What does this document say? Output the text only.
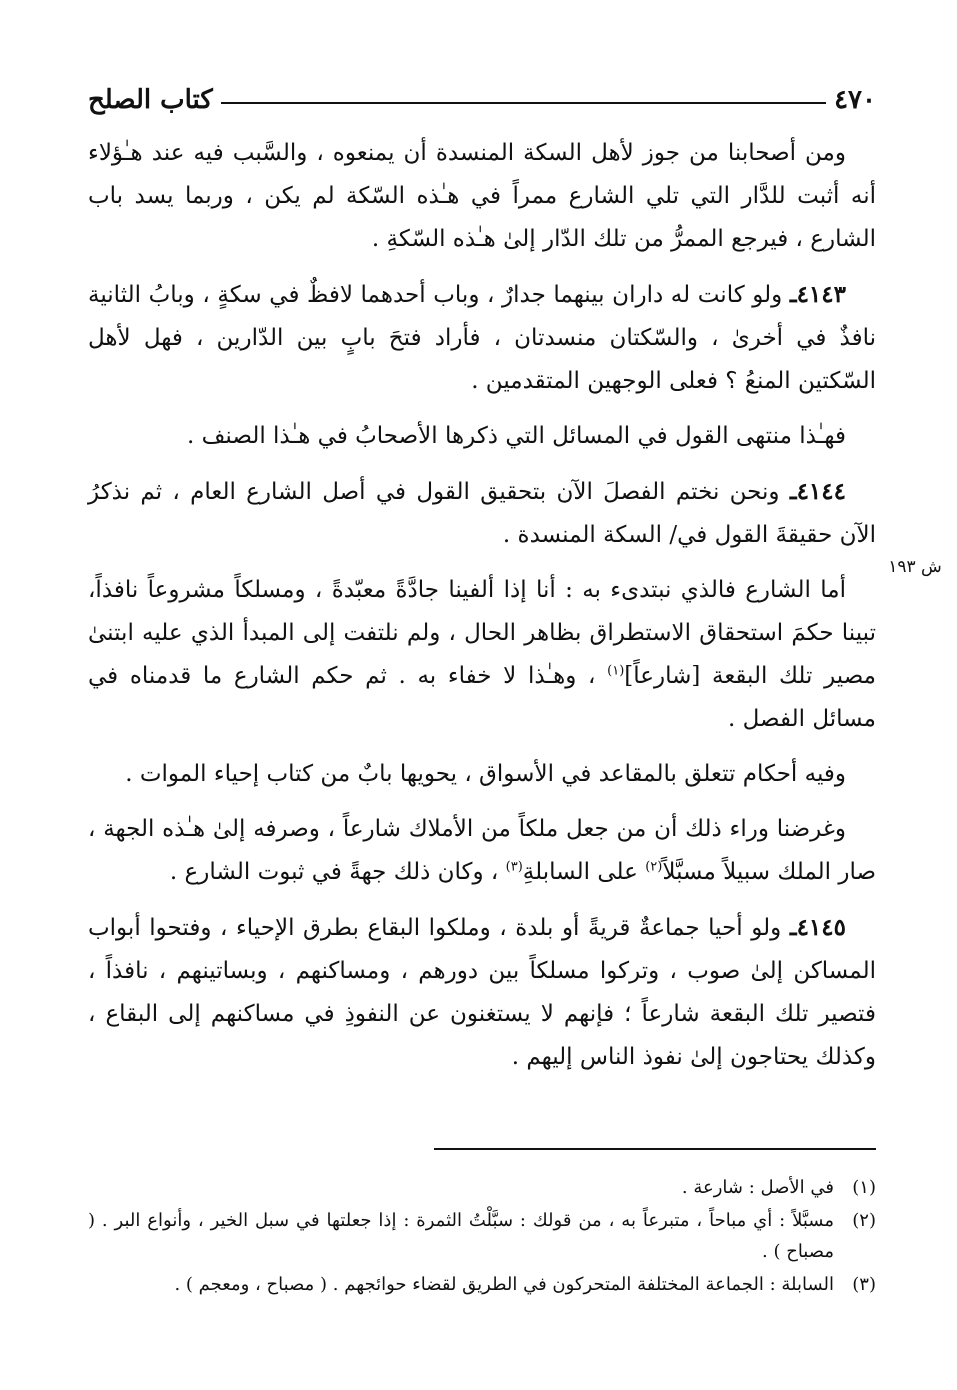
٤٧٠
كتاب الصلح

ومن أصحابنا من جوز لأهل السكة المنسدة أن يمنعوه ، والسَّبب فيه عند هـٰؤلاء أنه أثبت للدَّار التي تلي الشارع ممراً في هـٰذه السّكة لم يكن ، وربما يسد باب الشارع ، فيرجع الممرُّ من تلك الدّار إلىٰ هـٰذه السّكةِ .

٤١٤٣ـ ولو كانت له داران بينهما جدارٌ ، وباب أحدهما لافظٌ في سكةٍ ، وبابُ الثانية نافذٌ في أخرىٰ ، والسّكتان منسدتان ، فأراد فتحَ بابٍ بين الدّارين ، فهل لأهل السّكتين المنعُ ؟ فعلى الوجهين المتقدمين .

فهـٰذا منتهى القول في المسائل التي ذكرها الأصحابُ في هـٰذا الصنف .

٤١٤٤ـ ونحن نختم الفصلَ الآن بتحقيق القول في أصل الشارع العام ، ثم نذكرُ الآن حقيقةَ القول في/ السكة المنسدة .

أما الشارع فالذي نبتدىء به : أنا إذا ألفينا جادَّةً معبّدةً ، ومسلكاً مشروعاً نافذاً، تبينا حكمَ استحقاق الاستطراق بظاهر الحال ، ولم نلتفت إلى المبدأ الذي عليه ابتنىٰ مصير تلك البقعة [شارعاً]$^{(١)}$ ، وهـٰذا لا خفاء به . ثم حكم الشارع ما قدمناه في مسائل الفصل .

وفيه أحكام تتعلق بالمقاعد في الأسواق ، يحويها بابٌ من كتاب إحياء الموات .

وغرضنا وراء ذلك أن من جعل ملكاً من الأملاك شارعاً ، وصرفه إلىٰ هـٰذه الجهة ، صار الملك سبيلاً مسبَّلاً$^{(٢)}$ على السابلةِ$^{(٣)}$ ، وكان ذلك جهةً في ثبوت الشارع .

٤١٤٥ـ ولو أحيا جماعةٌ قريةً أو بلدة ، وملكوا البقاع بطرق الإحياء ، وفتحوا أبواب المساكن إلىٰ صوب ، وتركوا مسلكاً بين دورهم ، ومساكنهم ، وبساتينهم ، نافذاً ، فتصير تلك البقعة شارعاً ؛ فإنهم لا يستغنون عن النفوذِ في مساكنهم إلى البقاع ، وكذلك يحتاجون إلىٰ نفوذ الناس إليهم .

ش ١٩٣
(١)
في الأصل : شارعة .
(٢)
مسبَّلاً : أي مباحاً ، متبرعاً به ، من قولك : سبَّلْتُ الثمرة : إذا جعلتها في سبل الخير ، وأنواع البر . ( مصباح ) .
(٣)
السابلة : الجماعة المختلفة المتحركون في الطريق لقضاء حوائجهم . ( مصباح ، ومعجم ) .
